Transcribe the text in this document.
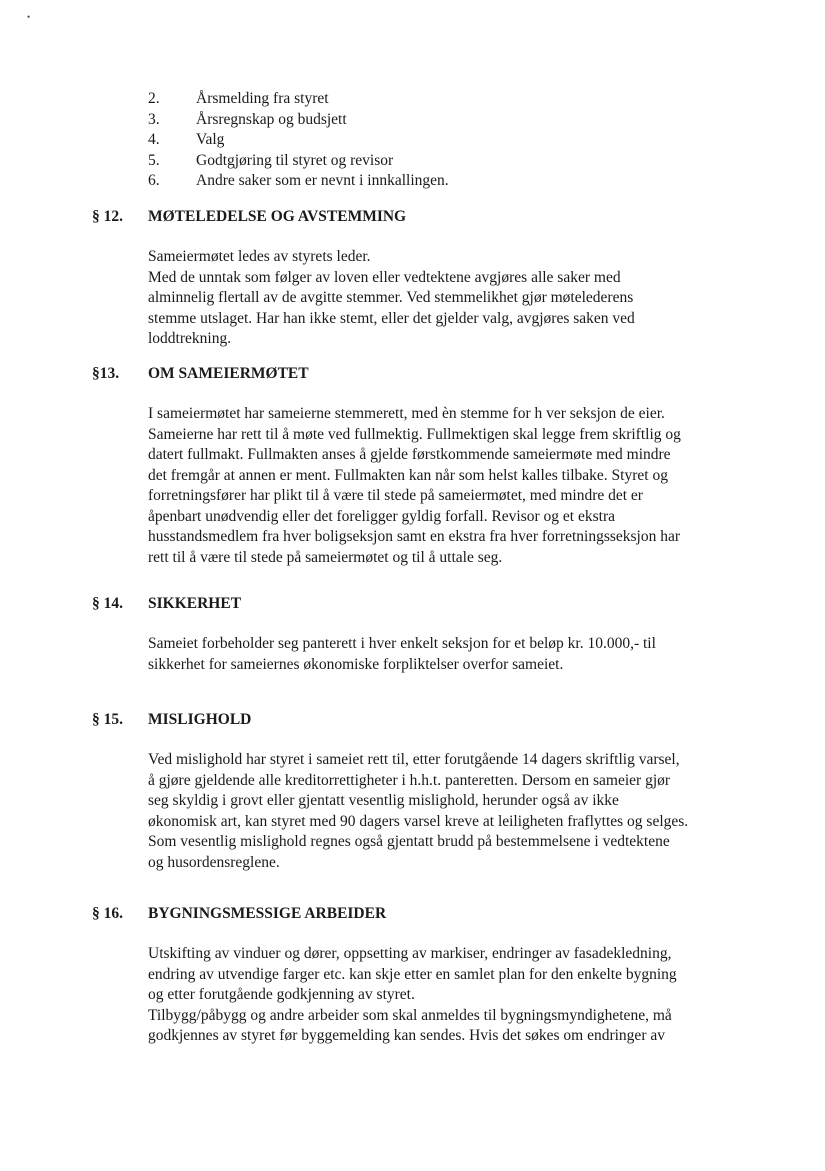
•
2. Årsmelding fra styret
3. Årsregnskap og budsjett
4. Valg
5. Godtgjøring til styret og revisor
6. Andre saker som er nevnt i innkallingen.
§ 12. MØTELEDELSE OG AVSTEMMING
Sameiermøtet ledes av styrets leder.
Med de unntak som følger av loven eller vedtektene avgjøres alle saker med
alminnelig flertall av de avgitte stemmer. Ved stemmelikhet gjør møtelederens
stemme utslaget. Har han ikke stemt, eller det gjelder valg, avgjøres saken ved
loddtrekning.
§13. OM SAMEIERMØTET
I sameiermøtet har sameierne stemmerett, med èn stemme for h ver seksjon de eier.
Sameierne har rett til å møte ved fullmektig. Fullmektigen skal legge frem skriftlig og
datert fullmakt. Fullmakten anses å gjelde førstkommende sameiermøte med mindre
det fremgår at annen er ment. Fullmakten kan når som helst kalles tilbake. Styret og
forretningsfører har plikt til å være til stede på sameiermøtet, med mindre det er
åpenbart unødvendig eller det foreligger gyldig forfall. Revisor og et ekstra
husstandsmedlem fra hver boligseksjon samt en ekstra fra hver forretningsseksjon har
rett til å være til stede på sameiermøtet og til å uttale seg.
§ 14. SIKKERHET
Sameiet forbeholder seg panterett i hver enkelt seksjon for et beløp kr. 10.000,- til
sikkerhet for sameiernes økonomiske forpliktelser overfor sameiet.
§ 15. MISLIGHOLD
Ved mislighold har styret i sameiet rett til, etter forutgående 14 dagers skriftlig varsel,
å gjøre gjeldende alle kreditorrettigheter i h.h.t. panteretten. Dersom en sameier gjør
seg skyldig i grovt eller gjentatt vesentlig mislighold, herunder også av ikke
økonomisk art, kan styret med 90 dagers varsel kreve at leiligheten fraflyttes og selges.
Som vesentlig mislighold regnes også gjentatt brudd på bestemmelsene i vedtektene
og husordensreglene.
§ 16. BYGNINGSMESSIGE ARBEIDER
Utskifting av vinduer og dører, oppsetting av markiser, endringer av fasadekledning,
endring av utvendige farger etc. kan skje etter en samlet plan for den enkelte bygning
og etter forutgående godkjenning av styret.
Tilbygg/påbygg og andre arbeider som skal anmeldes til bygningsmyndighetene, må
godkjennes av styret før byggemelding kan sendes. Hvis det søkes om endringer av
